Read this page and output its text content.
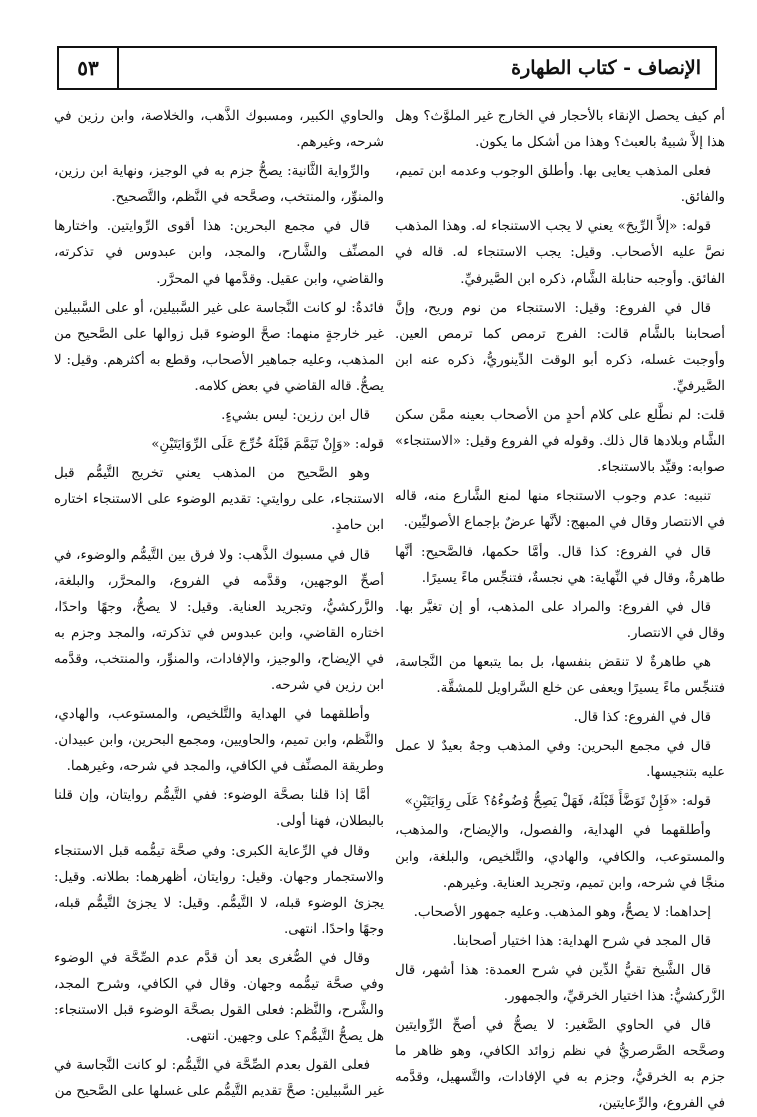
٥٣	الإنصاف - كتاب الطهارة

أم كيف يحصل الإنقاء بالأحجار في الخارج غير الملوَّث؟ وهل هذا إلاَّ شبيهٌ بالعبث؟ وهذا من أشكل ما يكون.

فعلى المذهب يعايى بها. وأطلق الوجوب وعدمه ابن تميم، والفائق.

قوله: «إلاَّ الرِّيحَ» يعني لا يجب الاستنجاء له. وهذا المذهب نصَّ عليه الأصحاب. وقيل: يجب الاستنجاء له. قاله في الفائق. وأوجبه حنابلة الشَّام، ذكره ابن الصَّيرفيِّ.

قال في الفروع: وقيل: الاستنجاء من نوم وريح، وإنَّ أصحابنا بالشَّام قالت: الفرج ترمص كما ترمص العين. وأوجبت غسله، ذكره أبو الوقت الدِّينوريُّ، ذكره عنه ابن الصَّيرفيِّ.

قلت: لم نطَّلع على كلام أحدٍ من الأصحاب بعينه ممَّن سكن الشَّام وبلادها قال ذلك. وقوله في الفروع وقيل: «الاستنجاء» صوابه: وقيِّد بالاستنجاء.

تنبيه: عدم وجوب الاستنجاء منها لمنع الشَّارع منه، قاله في الانتصار وقال في المبهج: لأنَّها عرضٌ بإجماع الأصوليِّين.

قال في الفروع: كذا قال. وأمَّا حكمها، فالصَّحيح: أنَّها طاهرةٌ، وقال في النِّهاية: هي نجسةٌ، فتنجِّس ماءً يسيرًا.

قال في الفروع: والمراد على المذهب، أو إن تغيَّر بها. وقال في الانتصار.

هي طاهرةٌ لا تنقض بنفسها، بل بما يتبعها من النَّجاسة، فتنجِّس ماءً يسيرًا ويعفى عن خلع السَّراويل للمشقَّة.

قال في الفروع: كذا قال.

قال في مجمع البحرين: وفي المذهب وجهٌ بعيدٌ لا عمل عليه بتنجيسها.

قوله: «فَإِنْ تَوَضَّأَ قَبْلَهُ، فَهَلْ يَصِحُّ وُضُوءُهُ؟ عَلَى رِوَايَتَيْنِ»

وأطلقهما في الهداية، والفصول، والإيضاح، والمذهب، والمستوعب، والكافي، والهادي، والتَّلخيص، والبلغة، وابن منجَّا في شرحه، وابن تميم، وتجريد العناية. وغيرهم.

إحداهما: لا يصحُّ، وهو المذهب. وعليه جمهور الأصحاب.

قال المجد في شرح الهداية: هذا اختيار أصحابنا.

قال الشَّيخ تقيُّ الدِّين في شرح العمدة: هذا أشهر، قال الزَّركشيُّ: هذا اختيار الخرقيِّ، والجمهور.

قال في الحاوي الصَّغير: لا يصحُّ في أصحِّ الرِّوايتين وصحَّحه الصَّرصريُّ في نظم زوائد الكافي، وهو ظاهر ما جزم به الخرقيُّ، وجزم به في الإفادات، والتَّسهيل، وقدَّمه في الفروع، والرِّعايتين،

والحاوي الكبير، ومسبوك الذَّهب، والخلاصة، وابن رزين في شرحه، وغيرهم.

والرِّواية الثَّانية: يصحُّ جزم به في الوجيز، ونهاية ابن رزين، والمنوِّر، والمنتخب، وصحَّحه في النَّظم، والتَّصحيح.

قال في مجمع البحرين: هذا أقوى الرِّوايتين. واختارها المصنِّف والشَّارح، والمجد، وابن عبدوس في تذكرته، والقاضي، وابن عقيل. وقدَّمها في المحرَّر.

فائدةٌ: لو كانت النَّجاسة على غير السَّبيلين، أو على السَّبيلين غير خارجةٍ منهما: صحَّ الوضوء قبل زوالها على الصَّحيح من المذهب، وعليه جماهير الأصحاب، وقطع به أكثرهم. وقيل: لا يصحُّ. قاله القاضي في بعض كلامه.

قال ابن رزين: ليس بشيءٍ.

قوله: «وَإِنْ تَيَمَّمَ قَبْلَهُ خُرِّجَ عَلَى الرِّوَايَتَيْنِ»

وهو الصَّحيح من المذهب يعني تخريج التَّيمُّم قبل الاستنجاء، على روايتي: تقديم الوضوء على الاستنجاء اختاره ابن حامدٍ.

قال في مسبوك الذَّهب: ولا فرق بين التَّيمُّم والوضوء، في أصحِّ الوجهين، وقدَّمه في الفروع، والمحرَّر، والبلغة، والزَّركشيُّ، وتجريد العناية. وقيل: لا يصحُّ، وجهًا واحدًا، اختاره القاضي، وابن عبدوس في تذكرته، والمجد وجزم به في الإيضاح، والوجيز، والإفادات، والمنوِّر، والمنتخب، وقدَّمه ابن رزين في شرحه.

وأطلقهما في الهداية والتَّلخيص، والمستوعب، والهادي، والنَّظم، وابن تميم، والحاويين، ومجمع البحرين، وابن عبيدان. وطريقة المصنِّف في الكافي، والمجد في شرحه، وغيرهما.

أمَّا إذا قلنا بصحَّة الوضوء: ففي التَّيمُّم روايتان، وإن قلنا بالبطلان، فهنا أولى.

وقال في الرِّعاية الكبرى: وفي صحَّة تيمُّمه قبل الاستنجاء والاستجمار وجهان. وقيل: روايتان، أظهرهما: بطلانه. وقيل: يجزئ الوضوء قبله، لا التَّيمُّم. وقيل: لا يجزئ التَّيمُّم قبله، وجهًا واحدًا. انتهى.

وقال في الصُّغرى بعد أن قدَّم عدم الصِّحَّة في الوضوء وفي صحَّة تيمُّمه وجهان. وقال في الكافي، وشرح المجد، والشَّرح، والنَّظم: فعلى القول بصحَّة الوضوء قبل الاستنجاء: هل يصحُّ التَّيمُّم؟ على وجهين. انتهى.

فعلى القول بعدم الصِّحَّة في التَّيمُّم: لو كانت النَّجاسة في غير السَّبيلين: صحَّ تقديم التَّيمُّم على غسلها على الصَّحيح من
